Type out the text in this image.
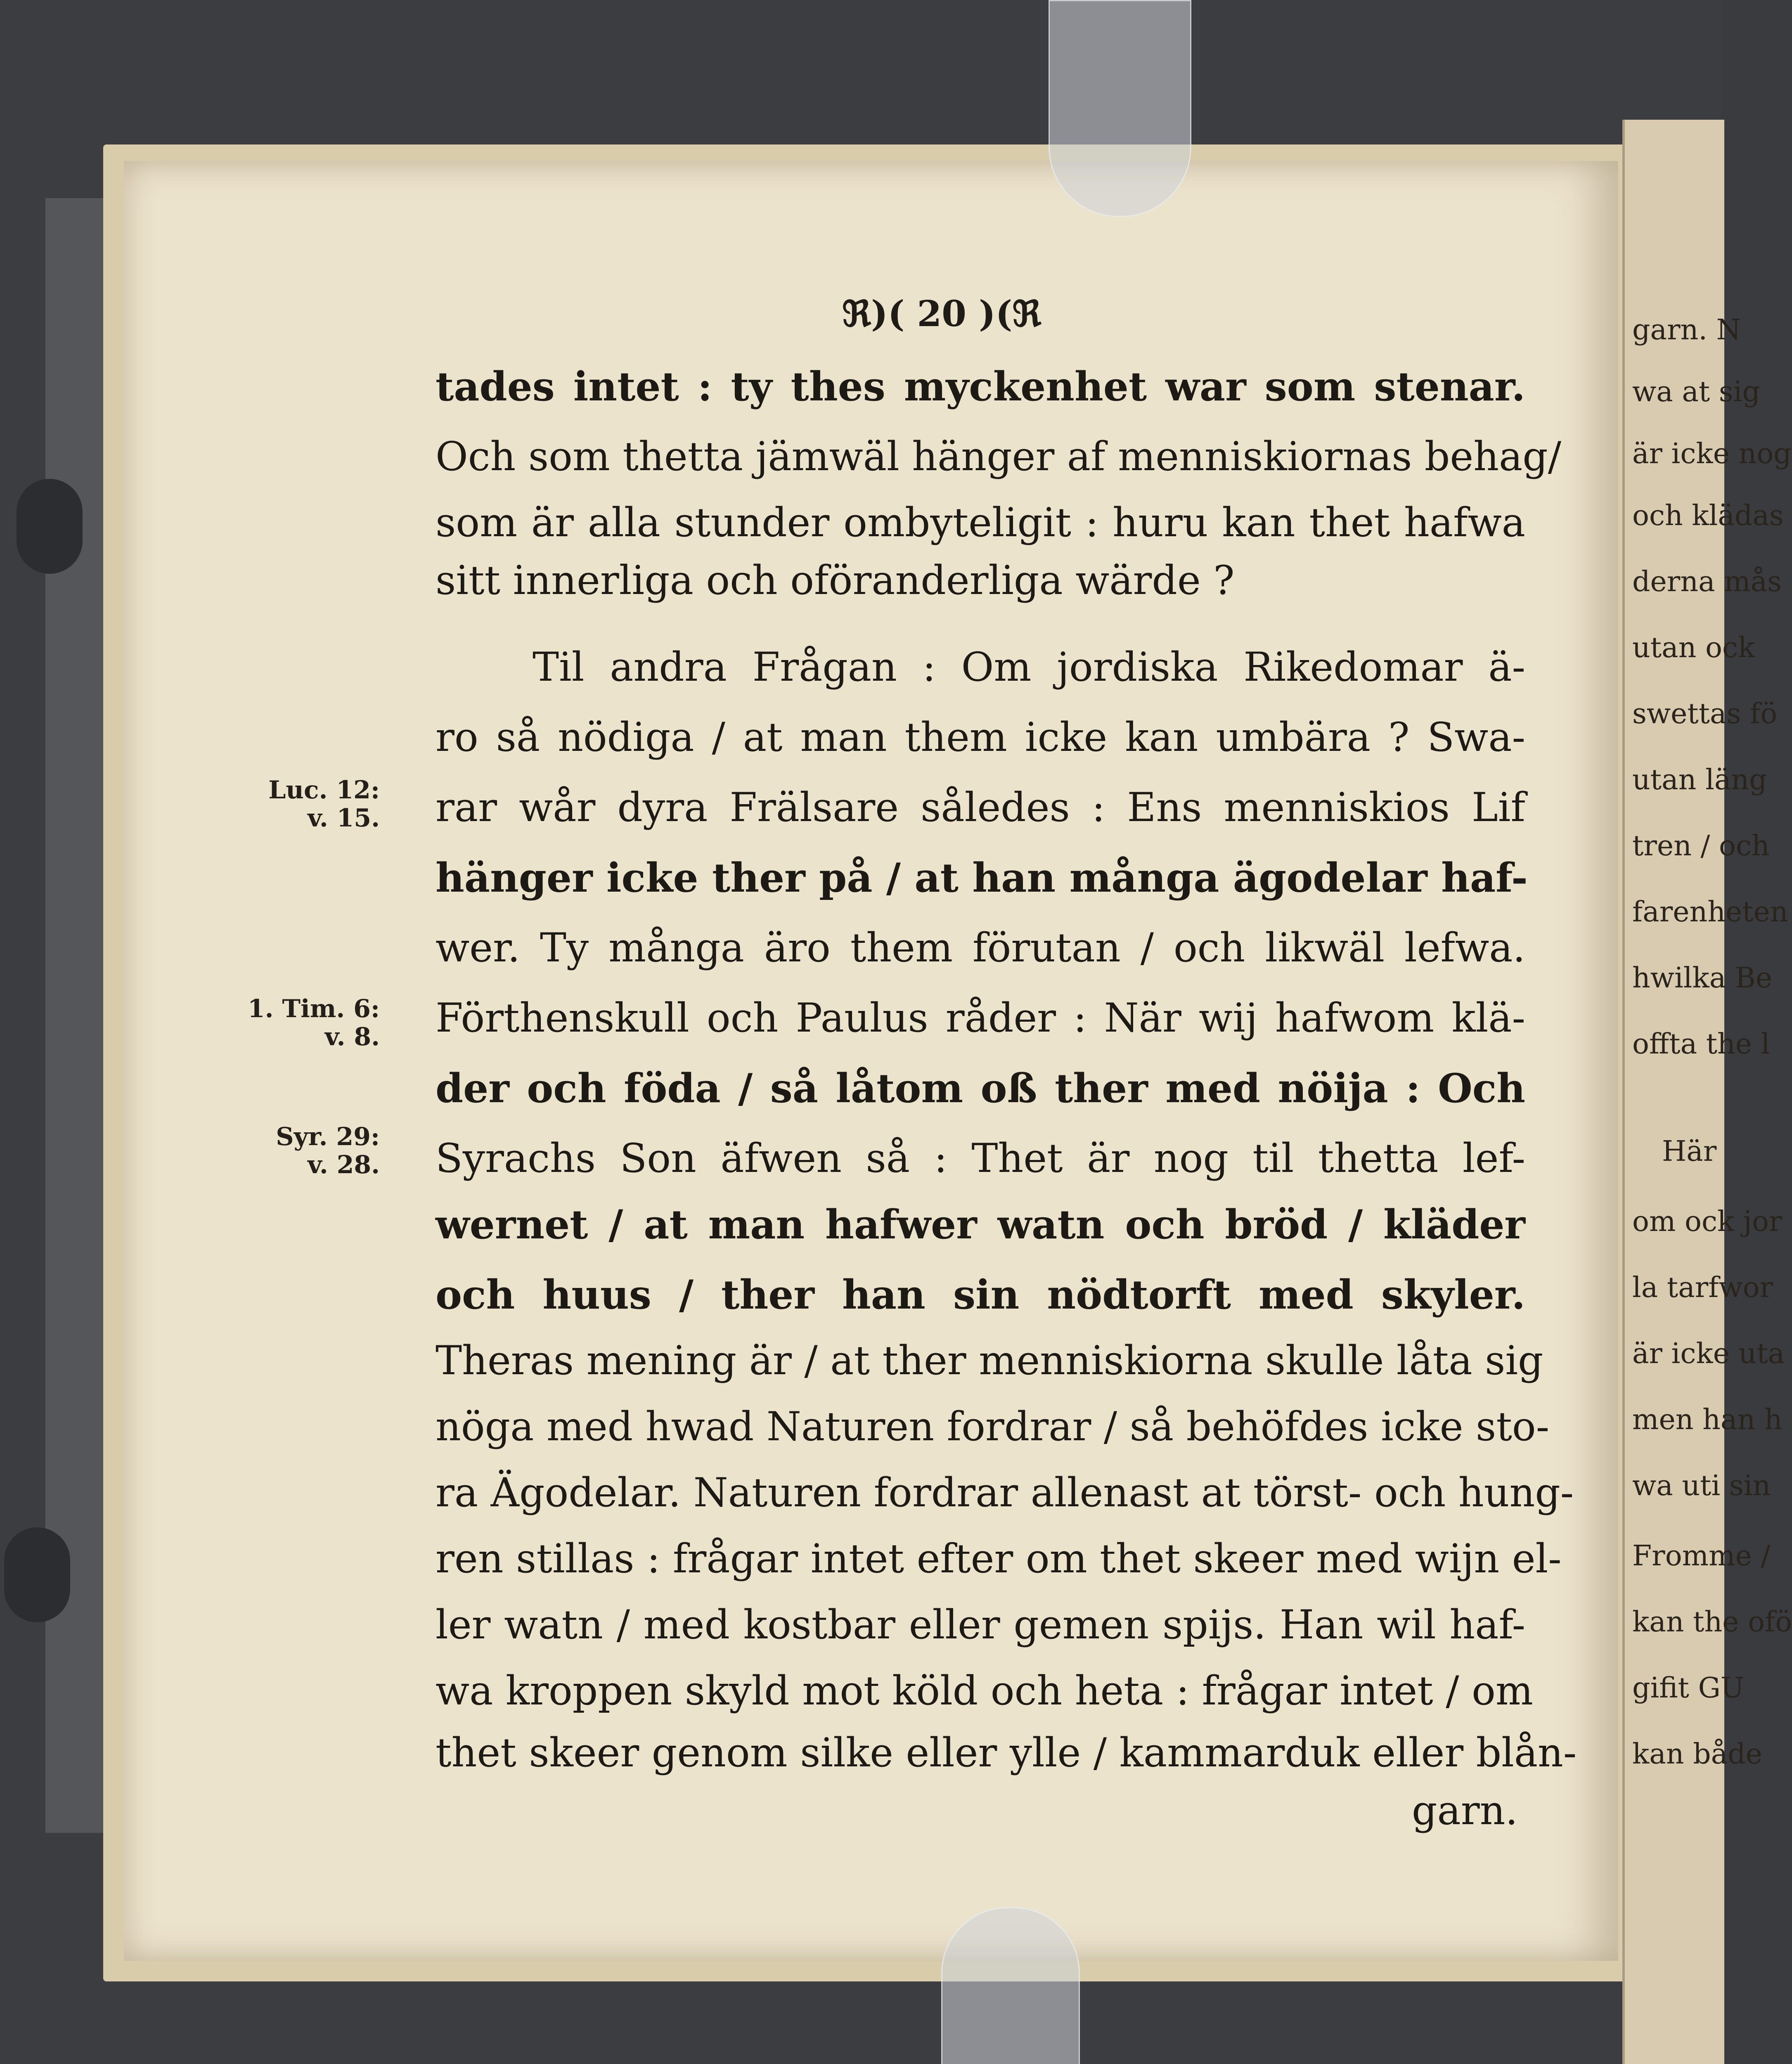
garn. N
wa at sig
är icke nog
och klädas
derna mås
utan ock
swettas fö
utan läng
tren / och
farenheten
hwilka Be
offta the l
Här
om ock jor
la tarfwor
är icke uta
men han h
wa uti sin
Fromme /
kan the ofö
gifit GU
kan både
ℜ)( 20 )(ℜ
tades intet : ty thes myckenhet war som stenar.
Och som thetta jämwäl hänger af menniskiornas behag/
som är alla stunder ombyteligit : huru kan thet hafwa
sitt innerliga och oföranderliga wärde ?
Til andra Frågan : Om jordiska Rikedomar ä-
ro så nödiga / at man them icke kan umbära ? Swa-
rar wår dyra Frälsare således : Ens menniskios Lif
hänger icke ther på / at han många ägodelar haf-
wer. Ty många äro them förutan / och likwäl lefwa.
Förthenskull och Paulus råder : När wij hafwom klä-
der och föda / så låtom oß ther med nöija : Och
Syrachs Son äfwen så : Thet är nog til thetta lef-
wernet / at man hafwer watn och bröd / kläder
och huus / ther han sin nödtorft med skyler.
Theras mening är / at ther menniskiorna skulle låta sig
nöga med hwad Naturen fordrar / så behöfdes icke sto-
ra Ägodelar. Naturen fordrar allenast at törst- och hung-
ren stillas : frågar intet efter om thet skeer med wijn el-
ler watn / med kostbar eller gemen spijs. Han wil haf-
wa kroppen skyld mot köld och heta : frågar intet / om
thet skeer genom silke eller ylle / kammarduk eller blån-
garn.
Luc. 12:
v. 15.
1. Tim. 6:
v. 8.
Syr. 29:
v. 28.
